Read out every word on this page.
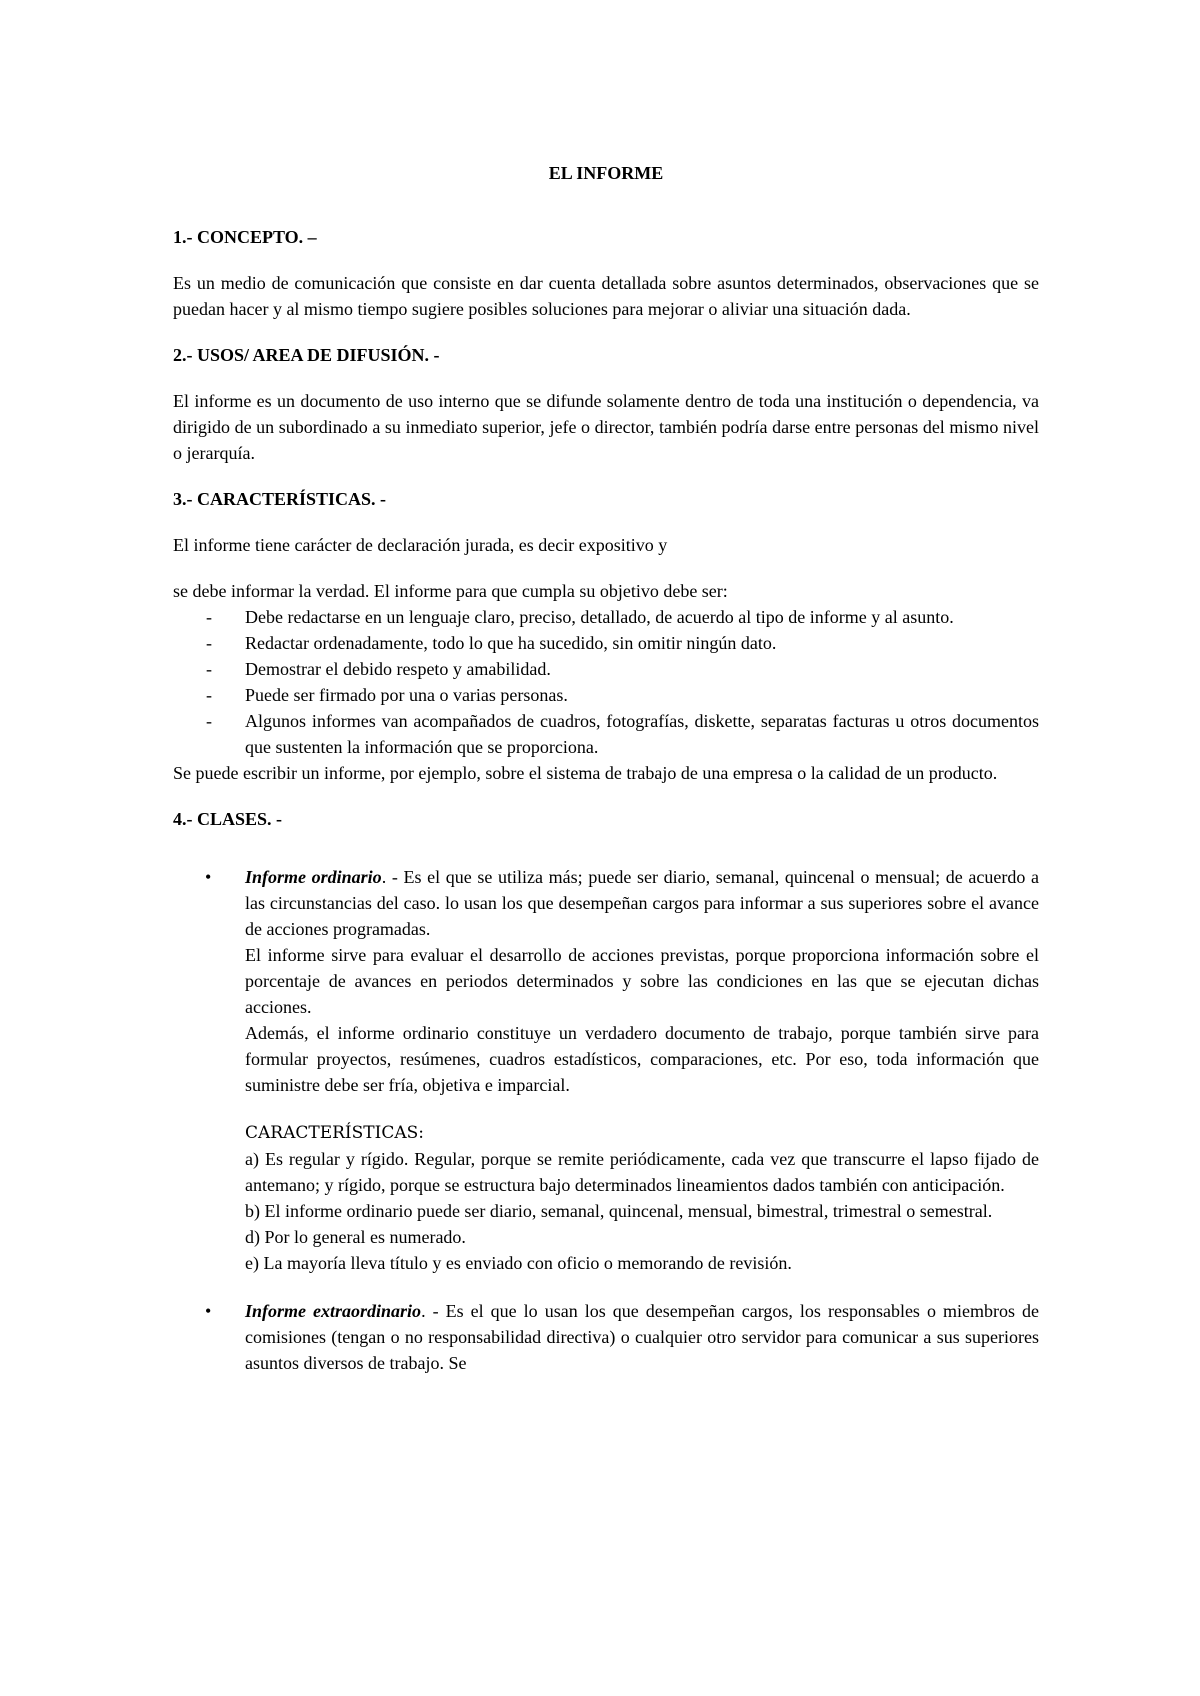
EL INFORME
1.- CONCEPTO. –

Es un medio de comunicación que consiste en dar cuenta detallada sobre asuntos determinados, observaciones que se puedan hacer y al mismo tiempo sugiere posibles soluciones para mejorar o aliviar una situación dada.

2.- USOS/ AREA DE DIFUSIÓN. -

El informe es un documento de uso interno que se difunde solamente dentro de toda una institución o dependencia, va dirigido de un subordinado a su inmediato superior, jefe o director, también podría darse entre personas del mismo nivel o jerarquía.

3.- CARACTERÍSTICAS. -

El informe tiene carácter de declaración jurada, es decir expositivo y

se debe informar la verdad. El informe para que cumpla su objetivo debe ser:

- Debe redactarse en un lenguaje claro, preciso, detallado, de acuerdo al tipo de informe y al asunto.
- Redactar ordenadamente, todo lo que ha sucedido, sin omitir ningún dato.
- Demostrar el debido respeto y amabilidad.
- Puede ser firmado por una o varias personas.
- Algunos informes van acompañados de cuadros, fotografías, diskette, separatas facturas u otros documentos que sustenten la información que se proporciona.

Se puede escribir un informe, por ejemplo, sobre el sistema de trabajo de una empresa o la calidad de un producto.

4.- CLASES. -
• Informe ordinario. - Es el que se utiliza más; puede ser diario, semanal, quincenal o mensual; de acuerdo a las circunstancias del caso. lo usan los que desempeñan cargos para informar a sus superiores sobre el avance de acciones programadas.

El informe sirve para evaluar el desarrollo de acciones previstas, porque proporciona información sobre el porcentaje de avances en periodos determinados y sobre las condiciones en las que se ejecutan dichas acciones.

Además, el informe ordinario constituye un verdadero documento de trabajo, porque también sirve para formular proyectos, resúmenes, cuadros estadísticos, comparaciones, etc. Por eso, toda información que suministre debe ser fría, objetiva e imparcial.

CARACTERÍSTICAS:

a) Es regular y rígido. Regular, porque se remite periódicamente, cada vez que transcurre el lapso fijado de antemano; y rígido, porque se estructura bajo determinados lineamientos dados también con anticipación.

b) El informe ordinario puede ser diario, semanal, quincenal, mensual, bimestral, trimestral o semestral.

d) Por lo general es numerado.

e) La mayoría lleva título y es enviado con oficio o memorando de revisión.

• Informe extraordinario. - Es el que lo usan los que desempeñan cargos, los responsables o miembros de comisiones (tengan o no responsabilidad directiva) o cualquier otro servidor para comunicar a sus superiores asuntos diversos de trabajo. Se
